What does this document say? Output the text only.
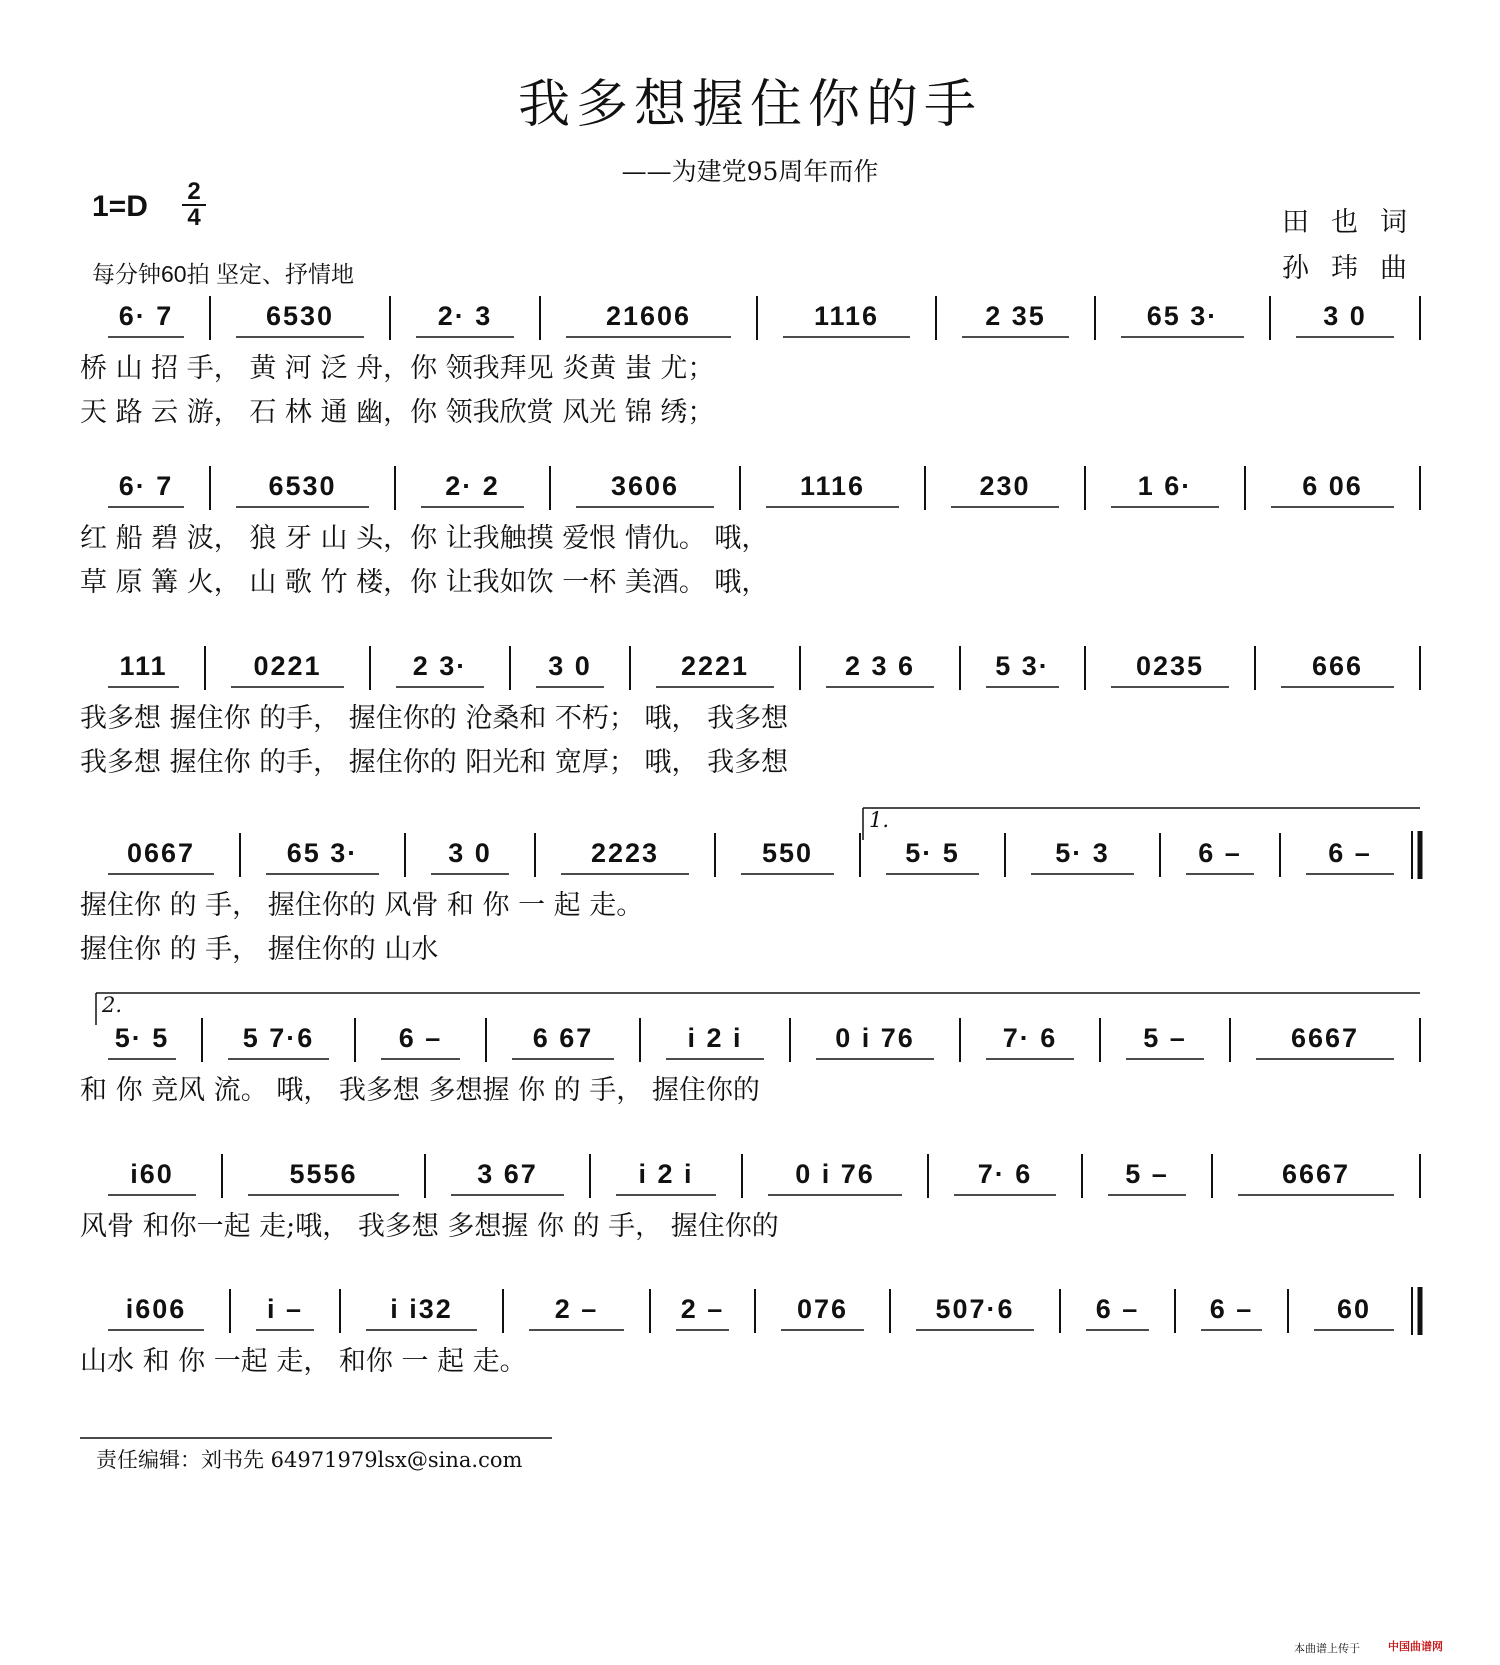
我多想握住你的手
——为建党95周年而作
1=D 2
4
每分钟60拍 坚定、抒情地
田也词
孙玮曲
6· 7	6530	2· 3	21606	1116	2 35	65 3·	3 0
桥 山 招 手， 黄 河 泛 舟，你 领我拜见 炎黄 蚩 尤；
天 路 云 游， 石 林 通 幽，你 领我欣赏 风光 锦 绣；
6· 7	6530	2· 2	3606	1116	230	1 6·	6 06
红 船 碧 波， 狼 牙 山 头，你 让我触摸 爱恨 情仇。 哦，
草 原 篝 火， 山 歌 竹 楼，你 让我如饮 一杯 美酒。 哦，
111	0221	2 3·	3 0	2221	2 3 6	5 3·	0235	666
我多想 握住你 的手， 握住你的 沧桑和 不朽； 哦， 我多想
我多想 握住你 的手， 握住你的 阳光和 宽厚； 哦， 我多想
1.
0667	65 3·	3 0	2223	550	5· 5	5· 3	6 –	6 –
握住你 的 手， 握住你的 风骨 和 你 一 起 走。
握住你 的 手， 握住你的 山水
2.
5· 5	5 7·6	6 –	6 67	i 2 i	0 i 76	7· 6	5 –	6667
和 你 竞风 流。 哦， 我多想 多想握 你 的 手， 握住你的
i60	5556	3 67	i 2 i	0 i 76	7· 6	5 –	6667
风骨 和你一起 走;哦， 我多想 多想握 你 的 手， 握住你的
i606	i –	i i32	2 –	2 –	076	507·6	6 –	6 –	60
山水 和 你 一起 走， 和你 一 起 走。
本曲谱上传于	中国曲谱网
责任编辑：刘书先 64971979lsx@sina.com
